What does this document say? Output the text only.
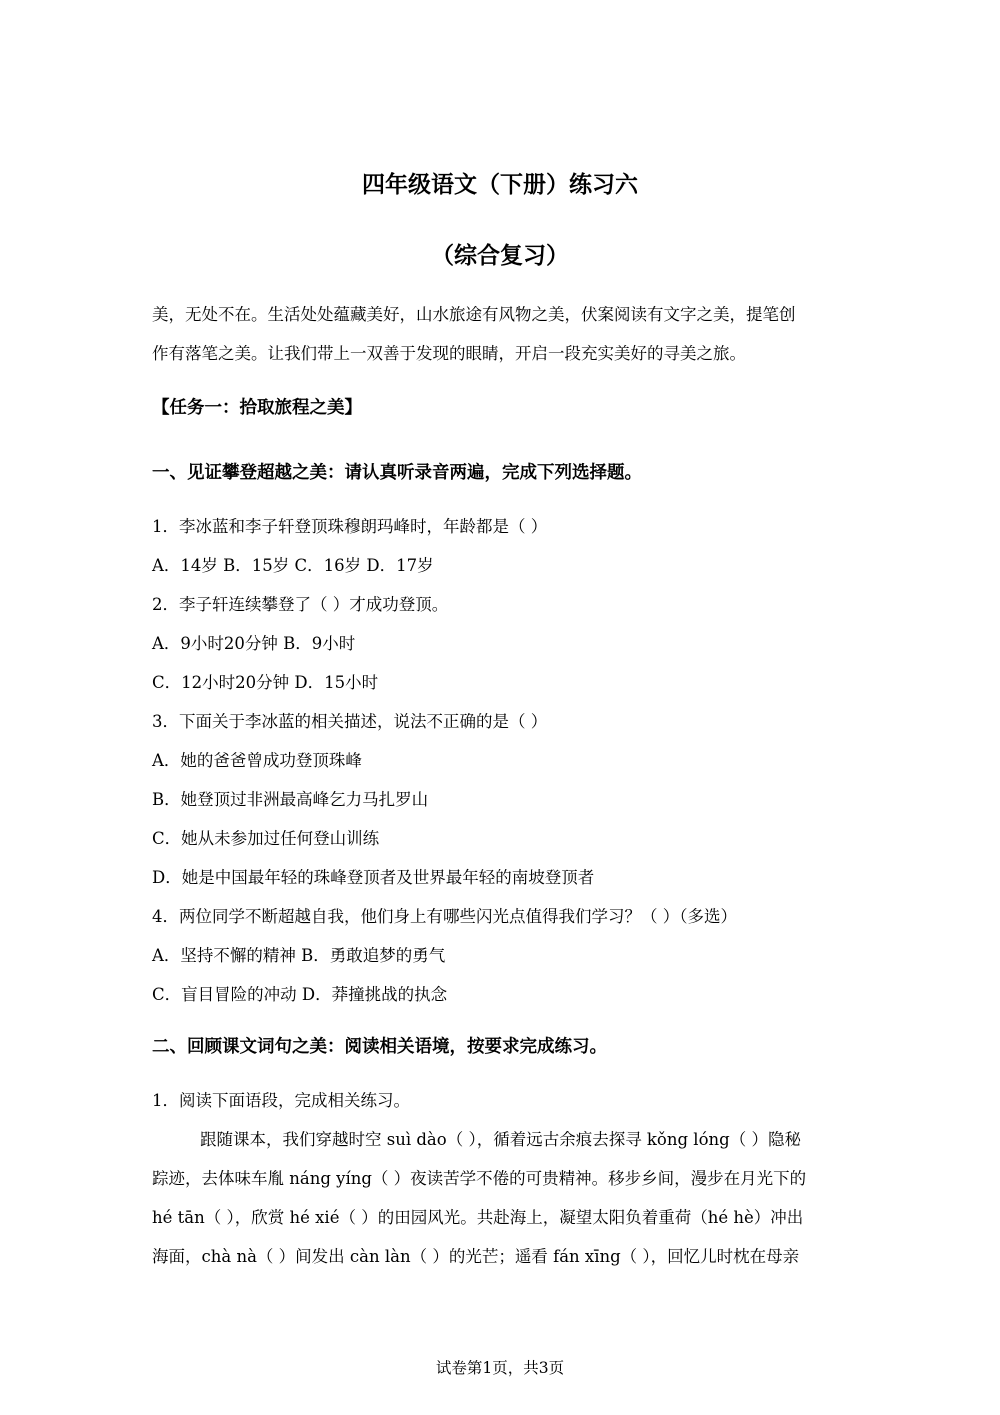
四年级语文（下册）练习六
（综合复习）
美，无处不在。生活处处蕴藏美好，山水旅途有风物之美，伏案阅读有文字之美，提笔创
作有落笔之美。让我们带上一双善于发现的眼睛，开启一段充实美好的寻美之旅。
【任务一：拾取旅程之美】
一、见证攀登超越之美：请认真听录音两遍，完成下列选择题。
1．李冰蓝和李子轩登顶珠穆朗玛峰时，年龄都是（ ）
A．14岁 B．15岁 C．16岁 D．17岁
2．李子轩连续攀登了（ ）才成功登顶。
A．9小时20分钟 B．9小时
C．12小时20分钟 D．15小时
3．下面关于李冰蓝的相关描述，说法不正确的是（ ）
A．她的爸爸曾成功登顶珠峰
B．她登顶过非洲最高峰乞力马扎罗山
C．她从未参加过任何登山训练
D．她是中国最年轻的珠峰登顶者及世界最年轻的南坡登顶者
4．两位同学不断超越自我，他们身上有哪些闪光点值得我们学习？（ ）（多选）
A．坚持不懈的精神 B．勇敢追梦的勇气
C．盲目冒险的冲动 D．莽撞挑战的执念
二、回顾课文词句之美：阅读相关语境，按要求完成练习。
1．阅读下面语段，完成相关练习。
跟随课本，我们穿越时空 suì dào（ ），循着远古余痕去探寻 kǒng lóng（ ）隐秘
踪迹，去体味车胤 náng yíng（ ）夜读苦学不倦的可贵精神。移步乡间，漫步在月光下的
hé tān（ ），欣赏 hé xié（ ）的田园风光。共赴海上，凝望太阳负着重荷（hé hè）冲出
海面，chà nà（ ）间发出 càn làn（ ）的光芒；遥看 fán xīng（ ），回忆儿时枕在母亲
试卷第1页，共3页
